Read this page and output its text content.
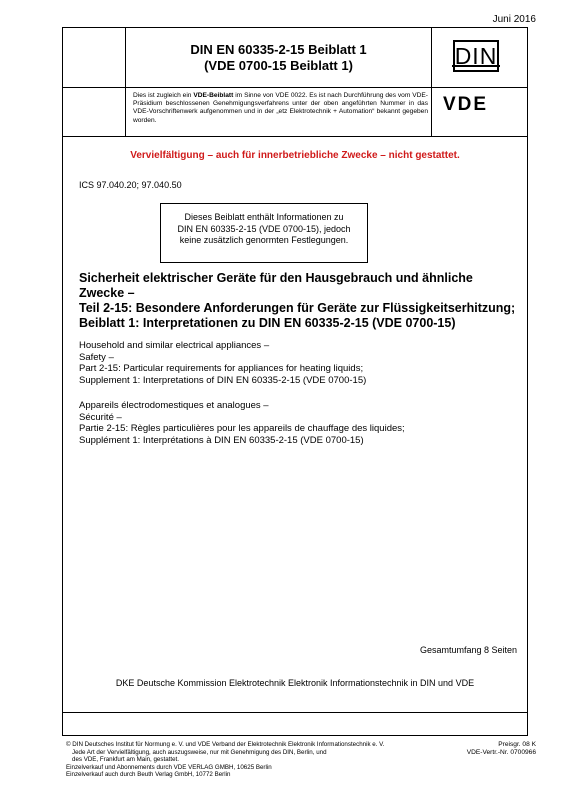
Juni 2016
DIN EN 60335-2-15 Beiblatt 1
(VDE 0700-15 Beiblatt 1)	DIN
VDE
Dies ist zugleich ein VDE-Beiblatt im Sinne von VDE 0022. Es ist nach Durchführung des vom VDE-Präsidium beschlossenen Genehmigungsverfahrens unter der oben angeführten Nummer in das VDE-Vorschriftenwerk aufgenommen und in der „etz Elektrotechnik + Automation“ bekannt gegeben worden.
Vervielfältigung – auch für innerbetriebliche Zwecke – nicht gestattet.
ICS 97.040.20; 97.040.50
Dieses Beiblatt enthält Informationen zu
DIN EN 60335-2-15 (VDE 0700-15), jedoch
keine zusätzlich genormten Festlegungen.
Sicherheit elektrischer Geräte für den Hausgebrauch und ähnliche
Zwecke –
Teil 2-15: Besondere Anforderungen für Geräte zur Flüssigkeitserhitzung;
Beiblatt 1: Interpretationen zu DIN EN 60335-2-15 (VDE 0700-15)
Household and similar electrical appliances –
Safety –
Part 2-15: Particular requirements for appliances for heating liquids;
Supplement 1: Interpretations of DIN EN 60335-2-15 (VDE 0700-15)
Appareils électrodomestiques et analogues –
Sécurité –
Partie 2-15: Règles particulières pour les appareils de chauffage des liquides;
Supplément 1: Interprétations à DIN EN 60335-2-15 (VDE 0700-15)
Gesamtumfang 8 Seiten
DKE Deutsche Kommission Elektrotechnik Elektronik Informationstechnik in DIN und VDE
© DIN Deutsches Institut für Normung e. V. und VDE Verband der Elektrotechnik Elektronik Informationstechnik e. V.
Jede Art der Vervielfältigung, auch auszugsweise, nur mit Genehmigung des DIN, Berlin, und
des VDE, Frankfurt am Main, gestattet.
Einzelverkauf und Abonnements durch VDE VERLAG GMBH, 10625 Berlin
Einzelverkauf auch durch Beuth Verlag GmbH, 10772 Berlin
Preisgr. 08 K
VDE-Vertr.-Nr. 0700966
